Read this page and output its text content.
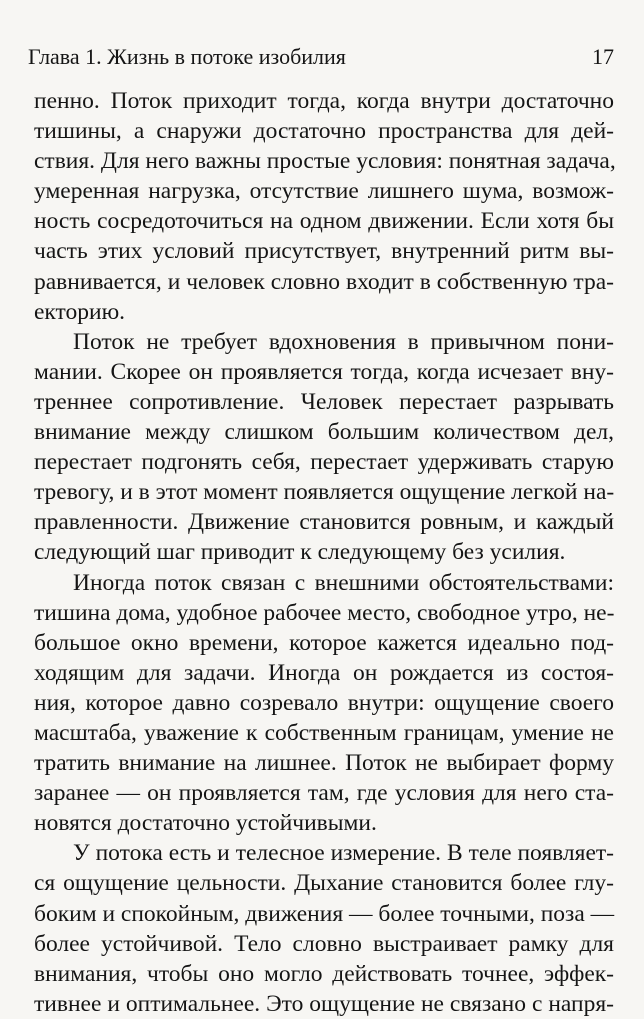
Глава 1. Жизнь в потоке изобилия	17
пенно. Поток приходит тогда, когда внутри достаточно
тишины, а снаружи достаточно пространства для дей-
ствия. Для него важны простые условия: понятная задача,
умеренная нагрузка, отсутствие лишнего шума, возмож-
ность сосредоточиться на одном движении. Если хотя бы
часть этих условий присутствует, внутренний ритм вы-
равнивается, и человек словно входит в собственную тра-
екторию.
Поток не требует вдохновения в привычном пони-
мании. Скорее он проявляется тогда, когда исчезает вну-
треннее сопротивление. Человек перестает разрывать
внимание между слишком большим количеством дел,
перестает подгонять себя, перестает удерживать старую
тревогу, и в этот момент появляется ощущение легкой на-
правленности. Движение становится ровным, и каждый
следующий шаг приводит к следующему без усилия.
Иногда поток связан с внешними обстоятельствами:
тишина дома, удобное рабочее место, свободное утро, не-
большое окно времени, которое кажется идеально под-
ходящим для задачи. Иногда он рождается из состоя-
ния, которое давно созревало внутри: ощущение своего
масштаба, уважение к собственным границам, умение не
тратить внимание на лишнее. Поток не выбирает форму
заранее — он проявляется там, где условия для него ста-
новятся достаточно устойчивыми.
У потока есть и телесное измерение. В теле появляет-
ся ощущение цельности. Дыхание становится более глу-
боким и спокойным, движения — более точными, поза —
более устойчивой. Тело словно выстраивает рамку для
внимания, чтобы оно могло действовать точнее, эффек-
тивнее и оптимальнее. Это ощущение не связано с напря-
